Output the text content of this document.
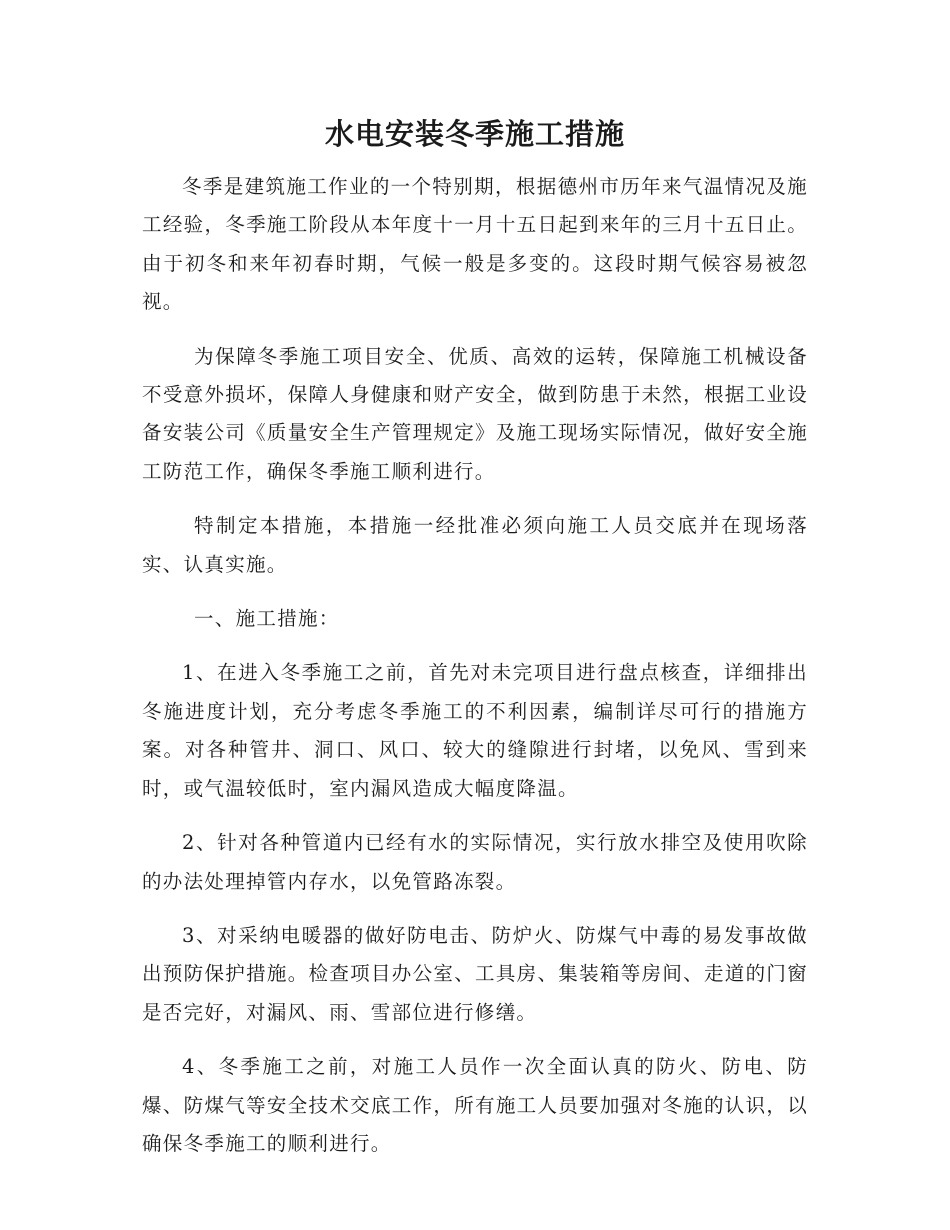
水电安装冬季施工措施

冬季是建筑施工作业的一个特别期，根据德州市历年来气温情况及施工经验，冬季施工阶段从本年度十一月十五日起到来年的三月十五日止。由于初冬和来年初春时期，气候一般是多变的。这段时期气候容易被忽视。

为保障冬季施工项目安全、优质、高效的运转，保障施工机械设备不受意外损坏，保障人身健康和财产安全，做到防患于未然，根据工业设备安装公司《质量安全生产管理规定》及施工现场实际情况，做好安全施工防范工作，确保冬季施工顺利进行。

特制定本措施，本措施一经批准必须向施工人员交底并在现场落实、认真实施。

一、施工措施：

1、在进入冬季施工之前，首先对未完项目进行盘点核查，详细排出冬施进度计划，充分考虑冬季施工的不利因素，编制详尽可行的措施方案。对各种管井、洞口、风口、较大的缝隙进行封堵，以免风、雪到来时，或气温较低时，室内漏风造成大幅度降温。

2、针对各种管道内已经有水的实际情况，实行放水排空及使用吹除的办法处理掉管内存水，以免管路冻裂。

3、对采纳电暖器的做好防电击、防炉火、防煤气中毒的易发事故做出预防保护措施。检查项目办公室、工具房、集装箱等房间、走道的门窗是否完好，对漏风、雨、雪部位进行修缮。

4、冬季施工之前，对施工人员作一次全面认真的防火、防电、防爆、防煤气等安全技术交底工作，所有施工人员要加强对冬施的认识，以确保冬季施工的顺利进行。
